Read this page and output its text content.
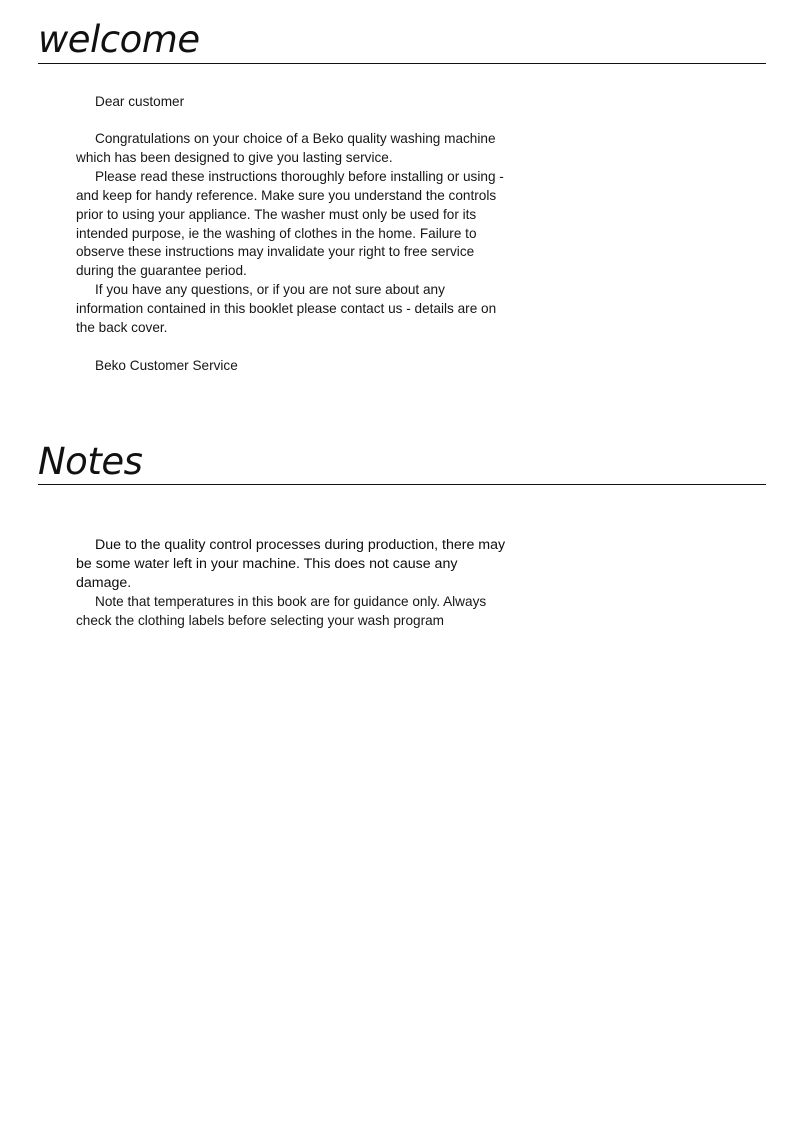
welcome

Dear customer

Congratulations on your choice of a Beko quality washing machine which has been designed to give you lasting service.

Please read these instructions thoroughly before installing or using - and keep for handy reference. Make sure you understand the controls prior to using your appliance. The washer must only be used for its intended purpose, ie the washing of clothes in the home. Failure to observe these instructions may invalidate your right to free service during the guarantee period.

If you have any questions, or if you are not sure about any information contained in this booklet please contact us - details are on the back cover.

Beko Customer Service

Notes

Due to the quality control processes during production, there may be some water left in your machine. This does not cause any damage.

Note that temperatures in this book are for guidance only. Always check the clothing labels before selecting your wash program
